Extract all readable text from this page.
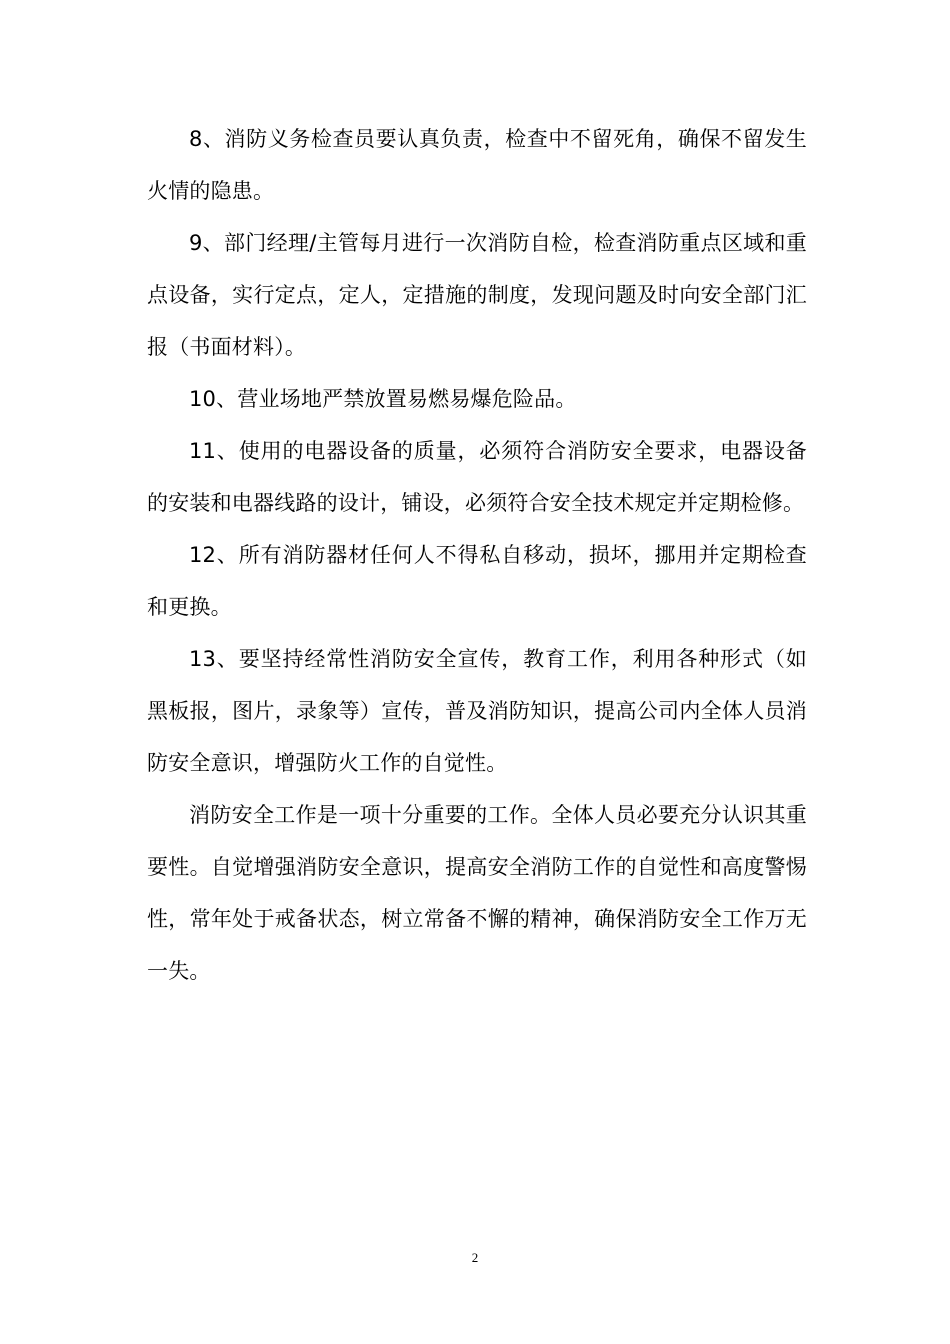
8、消防义务检查员要认真负责，检查中不留死角，确保不留发生火情的隐患。

9、部门经理/主管每月进行一次消防自检，检查消防重点区域和重点设备，实行定点，定人，定措施的制度，发现问题及时向安全部门汇报（书面材料）。

10、营业场地严禁放置易燃易爆危险品。

11、使用的电器设备的质量，必须符合消防安全要求，电器设备的安装和电器线路的设计，铺设，必须符合安全技术规定并定期检修。

12、所有消防器材任何人不得私自移动，损坏，挪用并定期检查和更换。

13、要坚持经常性消防安全宣传，教育工作，利用各种形式（如黑板报，图片，录象等）宣传，普及消防知识，提高公司内全体人员消防安全意识，增强防火工作的自觉性。

消防安全工作是一项十分重要的工作。全体人员必要充分认识其重要性。自觉增强消防安全意识，提高安全消防工作的自觉性和高度警惕性，常年处于戒备状态，树立常备不懈的精神，确保消防安全工作万无一失。

2
